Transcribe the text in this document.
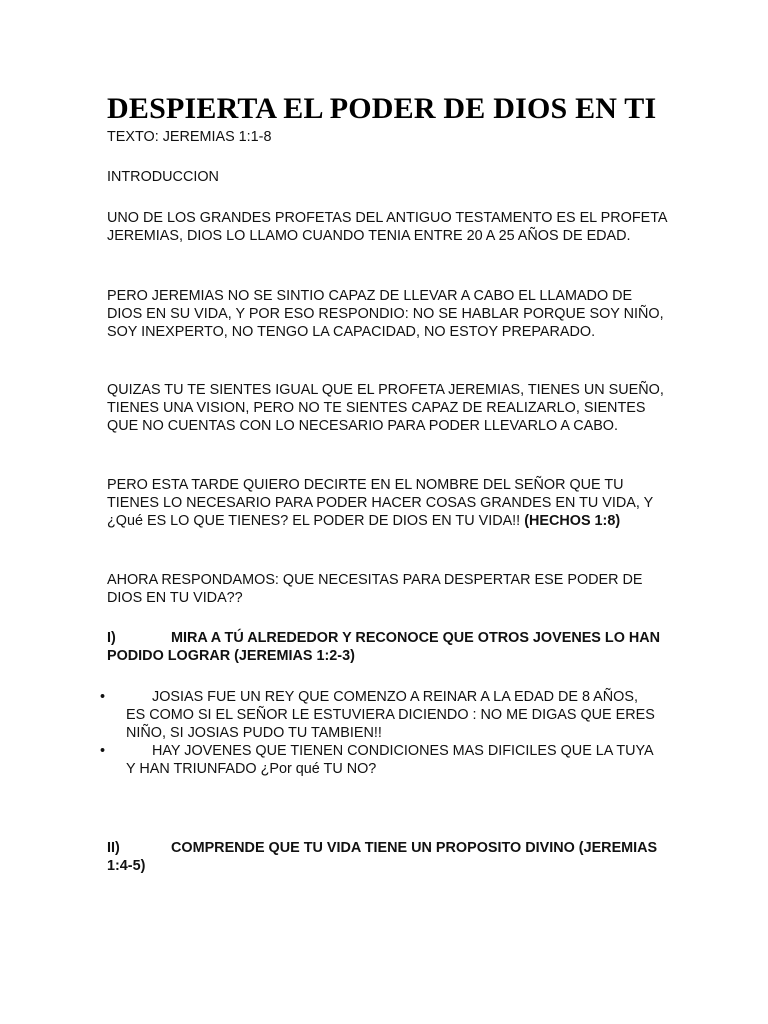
DESPIERTA EL PODER DE DIOS EN TI

TEXTO: JEREMIAS 1:1-8

INTRODUCCION

UNO DE LOS GRANDES PROFETAS DEL ANTIGUO TESTAMENTO ES EL PROFETA JEREMIAS, DIOS LO LLAMO CUANDO TENIA ENTRE 20 A 25 AÑOS DE EDAD.

PERO JEREMIAS NO SE SINTIO CAPAZ DE LLEVAR A CABO EL LLAMADO DE DIOS EN SU VIDA, Y POR ESO RESPONDIO: NO SE HABLAR PORQUE SOY NIÑO, SOY INEXPERTO, NO TENGO LA CAPACIDAD, NO ESTOY PREPARADO.

QUIZAS TU TE SIENTES IGUAL QUE EL PROFETA JEREMIAS, TIENES UN SUEÑO, TIENES UNA VISION, PERO NO TE SIENTES CAPAZ DE REALIZARLO, SIENTES QUE NO CUENTAS CON LO NECESARIO PARA PODER LLEVARLO A CABO.

PERO ESTA TARDE QUIERO DECIRTE EN EL NOMBRE DEL SEÑOR QUE TU TIENES LO NECESARIO PARA PODER HACER COSAS GRANDES EN TU VIDA, Y ¿Qué ES LO QUE TIENES? EL PODER DE DIOS EN TU VIDA!! (HECHOS 1:8)

AHORA RESPONDAMOS: QUE NECESITAS PARA DESPERTAR ESE PODER DE DIOS EN TU VIDA??

I)	MIRA A TÚ ALREDEDOR Y RECONOCE QUE OTROS JOVENES LO HAN PODIDO LOGRAR (JEREMIAS 1:2-3)

•	JOSIAS FUE UN REY QUE COMENZO A REINAR A LA EDAD DE 8 AÑOS, ES COMO SI EL SEÑOR LE ESTUVIERA DICIENDO : NO ME DIGAS QUE ERES NIÑO, SI JOSIAS PUDO TU TAMBIEN!!
•	HAY JOVENES QUE TIENEN CONDICIONES MAS DIFICILES QUE LA TUYA Y HAN TRIUNFADO ¿Por qué TU NO?

II)	COMPRENDE QUE TU VIDA TIENE UN PROPOSITO DIVINO (JEREMIAS 1:4-5)
